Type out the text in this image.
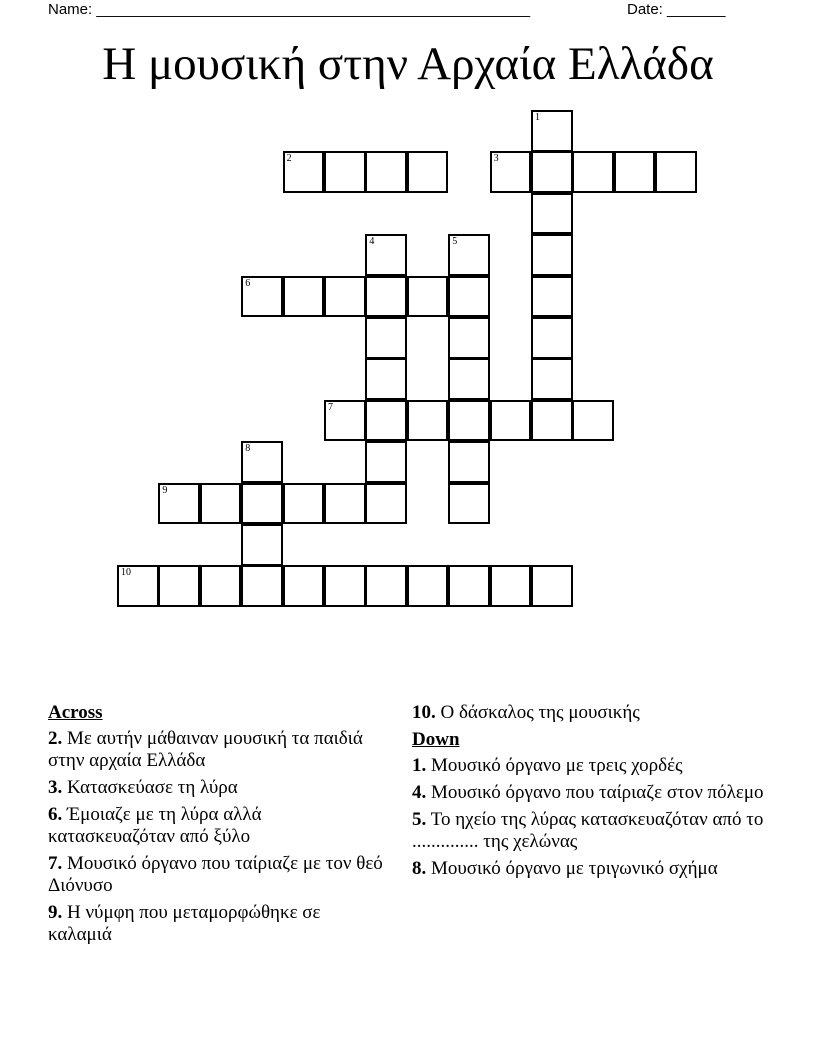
Name: ____________________________________________________	Date: _______
Η μουσική στην Αρχαία Ελλάδα
1
2	3
4	5
6
7
8
9
10
Across
2. Με αυτήν μάθαιναν μουσική τα παιδιά στην αρχαία Ελλάδα
3. Κατασκεύασε τη λύρα
6. Έμοιαζε με τη λύρα αλλά κατασκευαζόταν από ξύλο
7. Μουσικό όργανο που ταίριαζε με τον θεό Διόνυσο
9. Η νύμφη που μεταμορφώθηκε σε καλαμιά
10. Ο δάσκαλος της μουσικής
Down
1. Μουσικό όργανο με τρεις χορδές
4. Μουσικό όργανο που ταίριαζε στον πόλεμο
5. Το ηχείο της λύρας κατασκευαζόταν από το .............. της χελώνας
8. Μουσικό όργανο με τριγωνικό σχήμα
